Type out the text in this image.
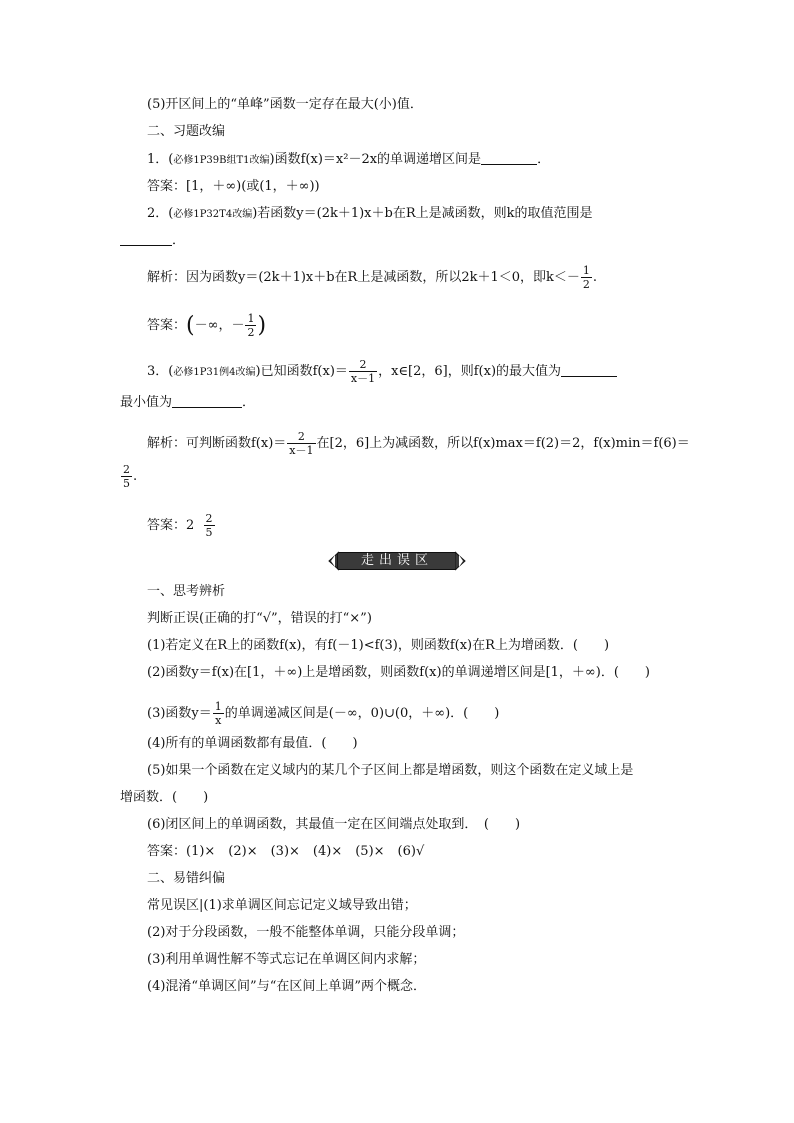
(5)开区间上的“单峰”函数一定存在最大(小)值．
二、习题改编
1．(必修1P39B组T1改编)函数f(x)＝x²－2x的单调递增区间是	．
答案：[1，＋∞)(或(1，＋∞))
2．(必修1P32T4改编)若函数y＝(2k＋1)x＋b在R上是减函数，则k的取值范围是
．
解析：因为函数y＝(2k＋1)x＋b在R上是减函数，所以2k＋1＜0，即$k<- \frac{1}{2}$ .
答案：(－∞，－ $\frac{1}{2}$ )
3．(必修1P31例4改编)已知函数$f(x)= \frac{2}{x-1}$ ，x∈[2，6]，则f(x)的最大值为
最小值为	．
解析：可判断函数$f(x)= \frac{2}{x-1}$ 在[2，6]上为减函数，所以f(x)max＝f(2)＝2，f(x)min＝f(6)＝
$\frac{2}{5}$ .
答案：$2 \frac{2}{5}$
走出误区
一、思考辨析
判断正误(正确的打“√”，错误的打“×”)
(1)若定义在R上的函数f(x)，有f(－1)<f(3)，则函数f(x)在R上为增函数．(　　)
(2)函数y＝f(x)在[1，＋∞)上是增函数，则函数f(x)的单调递增区间是[1，＋∞)．(　　)
(3)函数$y= \frac{1}{x}$ 的单调递减区间是(－∞，0)∪(0，＋∞)．(　　)
(4)所有的单调函数都有最值．(　　)
(5)如果一个函数在定义域内的某几个子区间上都是增函数，则这个函数在定义域上是
增函数．(　　)
(6)闭区间上的单调函数，其最值一定在区间端点处取到．　(　　)
答案：(1)×　(2)×　(3)×　(4)×　(5)×　(6)√
二、易错纠偏
常见误区|(1)求单调区间忘记定义域导致出错；
(2)对于分段函数，一般不能整体单调，只能分段单调；
(3)利用单调性解不等式忘记在单调区间内求解；
(4)混淆“单调区间”与“在区间上单调”两个概念．
